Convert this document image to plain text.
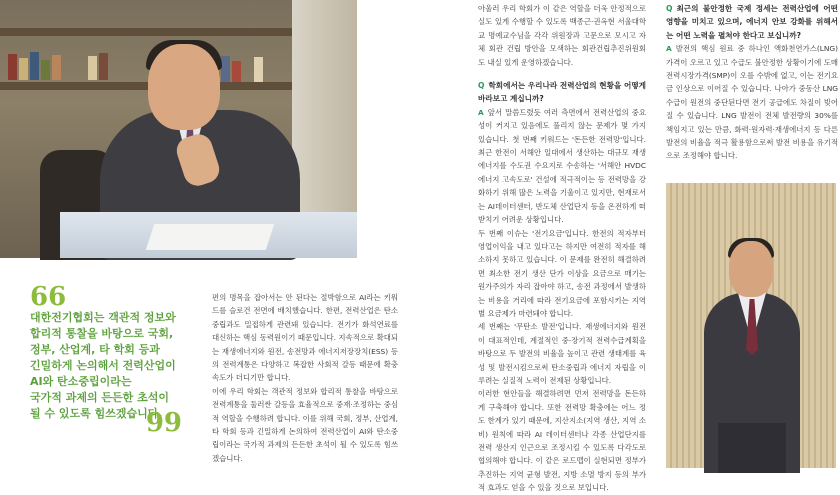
66
대한전기협회는 객관적 정보와
합리적 통찰을 바탕으로 국회,
정부, 산업계, 타 학회 등과
긴밀하게 논의해서 전력산업이
AI와 탄소중립이라는
국가적 과제의 든든한 초석이
될 수 있도록 힘쓰겠습니다.
99

편의 명목을 잡아서는 안 된다는 절박함으로 AI라는 키워드를 슬로건 전면에 배치했습니다. 한편, 전력산업은 탄소중립과도 밀접하게 관련돼 있습니다. 전기가 화석연료를 대신하는 핵심 동력원이기 때문입니다. 지속적으로 확대되는 재생에너지와 원전, 송전망과 에너지저장장치(ESS) 등의 전력계통은 다양하고 복잡한 사회적 갈등 때문에 확충 속도가 더디기만 합니다.

이에 우리 학회는 객관적 정보와 합리적 통찰을 바탕으로 전력계통을 둘러싼 갈등을 효율적으로 중재·조정하는 중심적 역할을 수행하려 합니다. 이를 위해 국회, 정부, 산업계, 타 학회 등과 긴밀하게 논의하여 전력산업이 AI와 탄소중립이라는 국가적 과제의 든든한 초석이 될 수 있도록 힘쓰겠습니다.

아울러 우리 학회가 이 같은 역할을 더욱 안정적으로 실도 있게 수행할 수 있도록 백종근·권옥현 서울대학교 명예교수님을 각각 위원장과 고문으로 모시고 자체 회관 건립 방안을 모색하는 회관건립추진위원회도 내실 있게 운영하겠습니다.

Q 학회에서는 우리나라 전력산업의 현황을 어떻게 바라보고 계십니까?

A 앞서 말씀드렸듯 여러 측면에서 전력산업의 중요성이 커지고 있음에도 풀리지 않는 문제가 몇 가지 있습니다. 첫 번째 키워드는 '돈든한 전력망'입니다. 최근 한전이 서해안 일대에서 생산하는 대규모 재생에너지를 수도권 수요지로 수송하는 '서해안 HVDC 에너지 고속도로' 건설에 적극적이는 등 전력망을 강화하기 위해 많은 노력을 기울이고 있지만, 현재로서는 AI데이터센터, 반도체 산업단지 등을 온전하게 떠받치기 어려운 상황입니다.

두 번째 이슈는 '전기요금'입니다. 한전의 적자부터 영업이익을 내고 있다고는 하지만 여전히 적자를 해소하지 못하고 있습니다. 이 문제를 완전히 해결하려면 최소한 전기 생산 단가 이상을 요금으로 매기는 원가주의가 자리 잡아야 하고, 송전 과정에서 발생하는 비용을 거리에 따라 전기요금에 포함시키는 지역별 요금제가 마련돼야 합니다.

세 번째는 '무탄소 발전'입니다. 재생에너지와 원전이 대표적인데, 계절적인 중·장기적 전력수급계획을 바탕으로 두 발전의 비율을 높이고 관련 생태계를 육성 및 발전시킴으로써 탄소중립과 에너지 자립을 이루려는 실질적 노력이 전제된 상황입니다.

이러한 현안들을 해결하려면 먼저 전력망을 돈든하게 구축해야 합니다. 또한 전력망 확충에는 어느 정도 한계가 있기 때문에, 지산지소(지역 생산, 지역 소비) 원칙에 따라 AI 데이터센터나 각종 산업단지를 전력 생산지 인근으로 조정시킬 수 있도록 다각도로 협의해야 합니다. 이 같은 로드맵이 실현되면 정부가 추진하는 지역 균형 발전, 지방 소멸 방지 등의 부가적 효과도 얻을 수 있을 것으로 보입니다.

Q 최근의 불안정한 국제 정세는 전력산업에 어떤 영향을 미치고 있으며, 에너지 안보 강화를 위해서는 어떤 노력을 펼쳐야 한다고 보십니까?

A 발전의 핵심 원료 중 하나인 액화천연가스(LNG) 가격이 오르고 있고 수급도 불안정한 상황이기에 도매전력시장가격(SMP)이 오를 수밖에 없고, 이는 전기요금 인상으로 이어질 수 있습니다. 나아가 중동산 LNG 수급이 원전의 중단된다면 전기 공급에도 차질이 빚어질 수 있습니다. LNG 발전이 전체 발전량의 30%를 책임지고 있는 만큼, 화력·원자력·재생에너지 등 다른 발전의 비율을 적극 활용함으로써 발전 비용을 유기적으로 조정해야 합니다.
